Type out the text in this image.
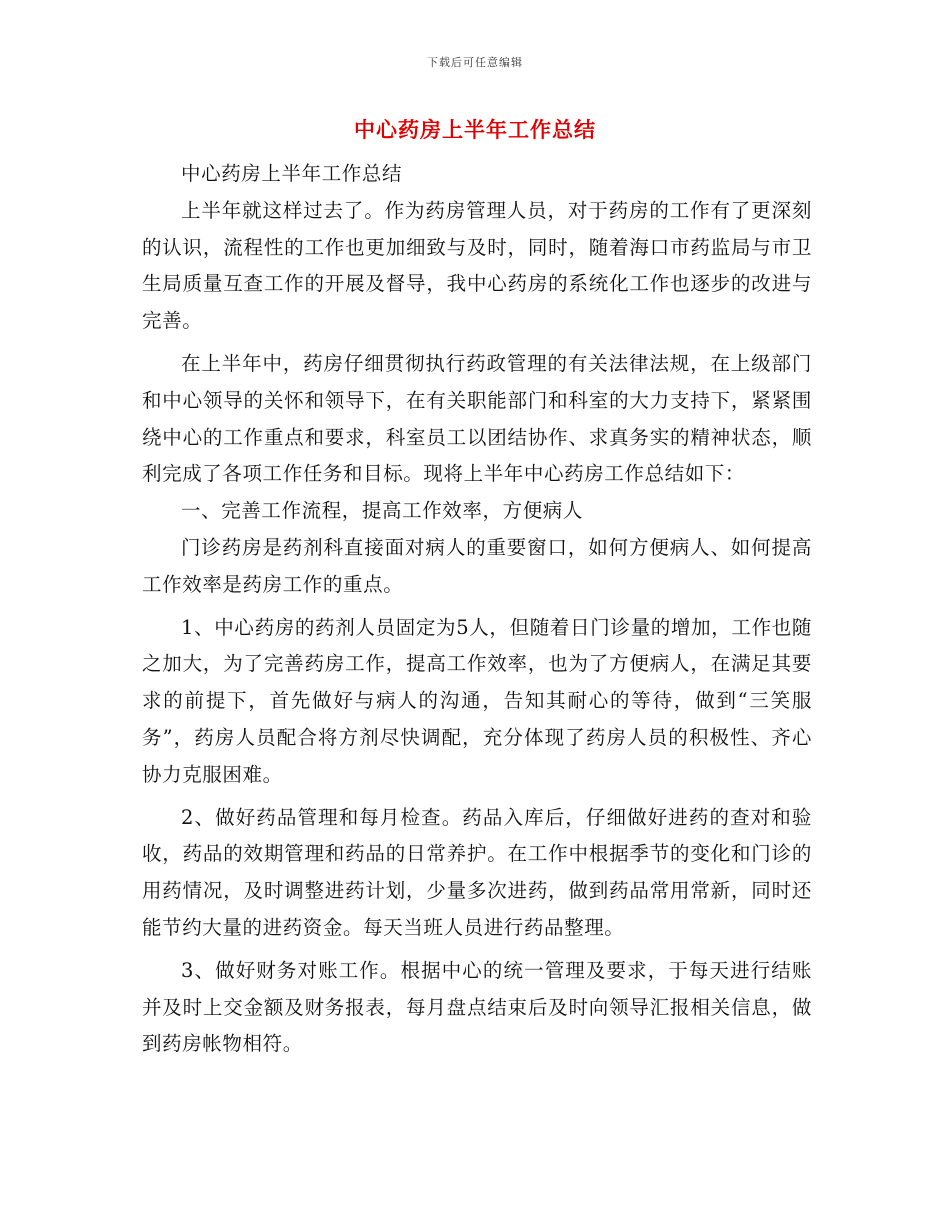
下载后可任意编辑
中心药房上半年工作总结

中心药房上半年工作总结

上半年就这样过去了。作为药房管理人员，对于药房的工作有了更深刻的认识，流程性的工作也更加细致与及时，同时，随着海口市药监局与市卫生局质量互查工作的开展及督导，我中心药房的系统化工作也逐步的改进与完善。

在上半年中，药房仔细贯彻执行药政管理的有关法律法规，在上级部门和中心领导的关怀和领导下，在有关职能部门和科室的大力支持下，紧紧围绕中心的工作重点和要求，科室员工以团结协作、求真务实的精神状态，顺利完成了各项工作任务和目标。现将上半年中心药房工作总结如下：

一、完善工作流程，提高工作效率，方便病人

门诊药房是药剂科直接面对病人的重要窗口，如何方便病人、如何提高工作效率是药房工作的重点。

1、中心药房的药剂人员固定为5人，但随着日门诊量的增加，工作也随之加大，为了完善药房工作，提高工作效率，也为了方便病人，在满足其要求的前提下，首先做好与病人的沟通，告知其耐心的等待，做到“三笑服务”，药房人员配合将方剂尽快调配，充分体现了药房人员的积极性、齐心协力克服困难。

2、做好药品管理和每月检查。药品入库后，仔细做好进药的查对和验收，药品的效期管理和药品的日常养护。在工作中根据季节的变化和门诊的用药情况，及时调整进药计划，少量多次进药，做到药品常用常新，同时还能节约大量的进药资金。每天当班人员进行药品整理。

3、做好财务对账工作。根据中心的统一管理及要求，于每天进行结账并及时上交金额及财务报表，每月盘点结束后及时向领导汇报相关信息，做到药房帐物相符。
